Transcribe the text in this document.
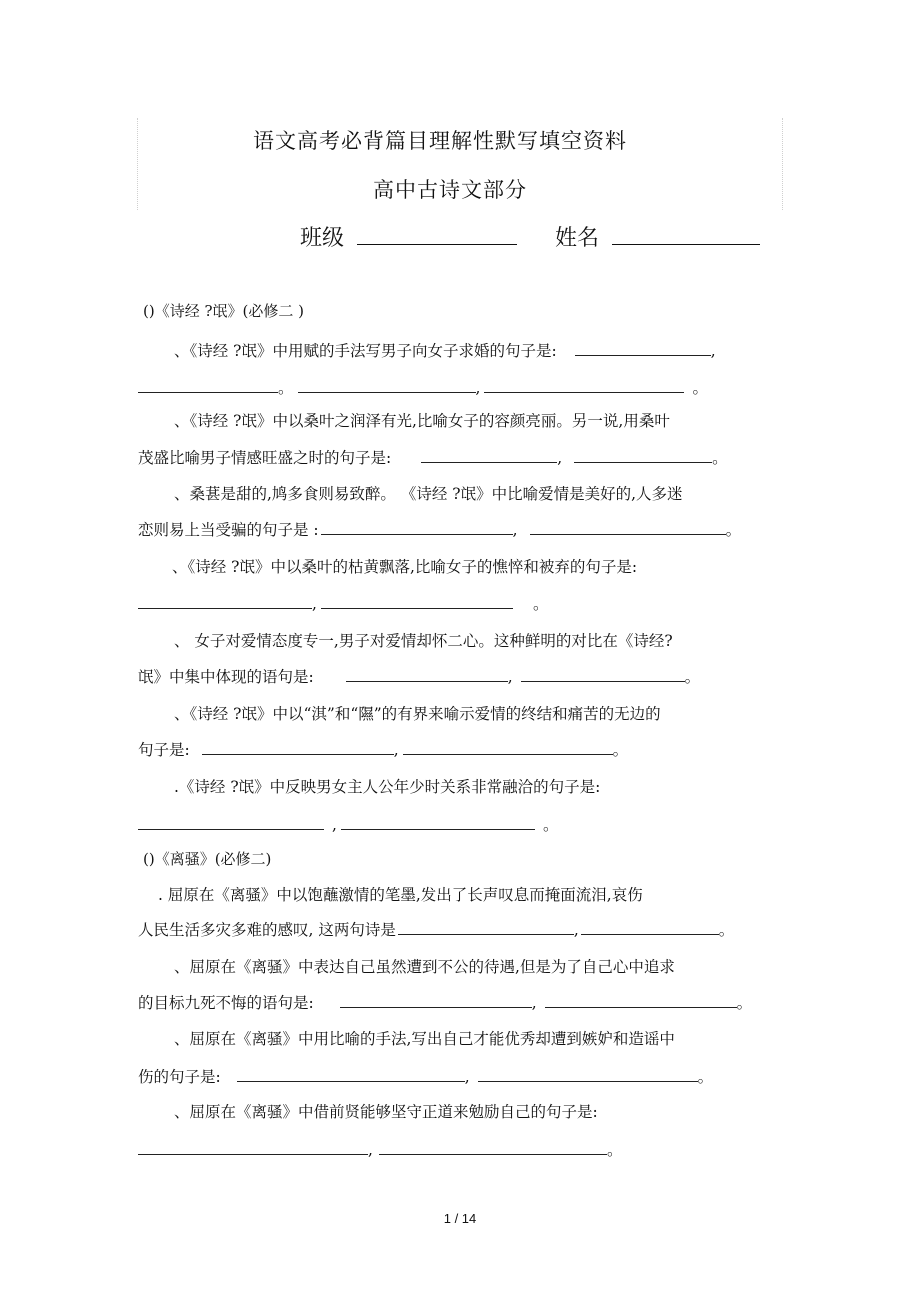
语文高考必背篇目理解性默写填空资料
高中古诗文部分
班级	姓名
()《诗经 ?氓》(必修二 )
、《诗经 ?氓》中用赋的手法写男子向女子求婚的句子是:	,
。	,	。
、《诗经 ?氓》中以桑叶之润泽有光,比喻女子的容颜亮丽。另一说,用桑叶
茂盛比喻男子情感旺盛之时的句子是:	,	。
、桑葚是甜的,鸠多食则易致醉。 《诗经 ?氓》中比喻爱情是美好的,人多迷
恋则易上当受骗的句子是 :	,	。
、《诗经 ?氓》中以桑叶的枯黄飘落,比喻女子的憔悴和被弃的句子是:
,	。
、 女子对爱情态度专一,男子对爱情却怀二心。这种鲜明的对比在《诗经?
氓》中集中体现的语句是:	,	。
、《诗经 ?氓》中以“淇”和“隰”的有界来喻示爱情的终结和痛苦的无边的
句子是:	,	。
.《诗经 ?氓》中反映男女主人公年少时关系非常融洽的句子是:
,	。
()《离骚》(必修二)
. 屈原在《离骚》中以饱蘸激情的笔墨,发出了长声叹息而掩面流泪,哀伤
人民生活多灾多难的感叹, 这两句诗是	,	。
、屈原在《离骚》中表达自己虽然遭到不公的待遇,但是为了自己心中追求
的目标九死不悔的语句是:	,	。
、屈原在《离骚》中用比喻的手法,写出自己才能优秀却遭到嫉妒和造谣中
伤的句子是:	,	。
、屈原在《离骚》中借前贤能够坚守正道来勉励自己的句子是:
,	。
1 / 14
